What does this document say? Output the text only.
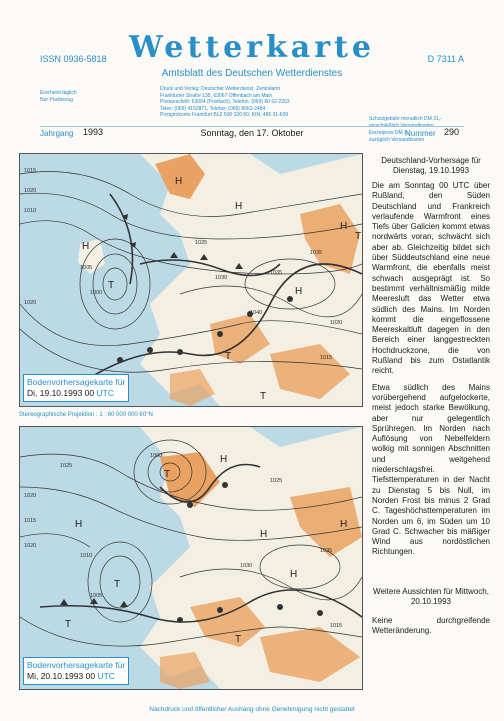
ISSN 0936-5818 Wetterkarte	D 7311 A
Amtsblatt des Deutschen Wetterdienstes
Erscheint täglich
Nur Postbezug
Druck und Verlag: Deutscher Wetterdienst, Zentralamt
Frankfurter Straße 135, 63067 Offenbach am Main
Postanschrift: 63004 (Postfach), Telefon: (069) 80 62-2263
Telex: (069) 4152871, Telefax: (069) 8062-2484
Postgirokonto Frankfurt BLZ 500 100 60, KtN. 486 31-609
Schutzgebühr monatlich DM 31,-
einschließlich Versandkosten
Einzelpreis DM 1,-
zuzüglich Versandkosten
Jahrgang 1993	Sonntag, den 17. Oktober	Nummer 290
H
H
H
H
H
T
T
T
T
1015
1020
1010
1005
1000
1020
1025
1030
1035
1040
1035
1020
1015
Bodenvorhersagekarte für
Di, 19.10.1993 00 UTC
Stereographische Projektion : 1 : 60 000 000 60°N
H
H
H
H
H
T
T
T
T
1025
1020
1015
1010
1005
1000
1020
1025
1030
1035
1015
Bodenvorhersagekarte für
Mi, 20.10.1993 00 UTC
Deutschland-Vorhersage für Dienstag, 19.10.1993

Die am Sonntag 00 UTC über Rußland, den Süden Deutschland und Frankreich verlaufende Warmfront eines Tiefs über Galicien kommt etwas nordwärts voran, schwächt sich aber ab. Gleichzeitig bildet sich über Süddeutschland eine neue Warmfront, die ebenfalls meist schwach ausgeprägt ist. So bestimmt verhältnismäßig milde Meeresluft das Wetter etwa südlich des Mains. Im Norden kommt die eingeflossene Meereskaltluft dagegen in den Bereich einer langgestreckten Hochdruckzone, die von Rußland bis zum Ostatlantik reicht.

Etwa südlich des Mains vorübergehend aufgelockerte, meist jedoch starke Bewölkung, aber nur gelegentlich Sprühregen. Im Norden nach Auflösung von Nebelfeldern wolkig mit sonnigen Abschnitten und weitgehend niederschlagsfrei. Tiefsttemperaturen in der Nacht zu Dienstag 5 bis Null, im Norden Frost bis minus 2 Grad C. Tageshöchsttemperaturen im Norden um 6, im Süden um 10 Grad C. Schwacher bis mäßiger Wind aus nordöstlichen Richtungen.

Weitere Aussichten für Mittwoch, 20.10.1993
Keine durchgreifende Wetteränderung.
Nachdruck und öffentlicher Aushang ohne Genehmigung nicht gestattet
